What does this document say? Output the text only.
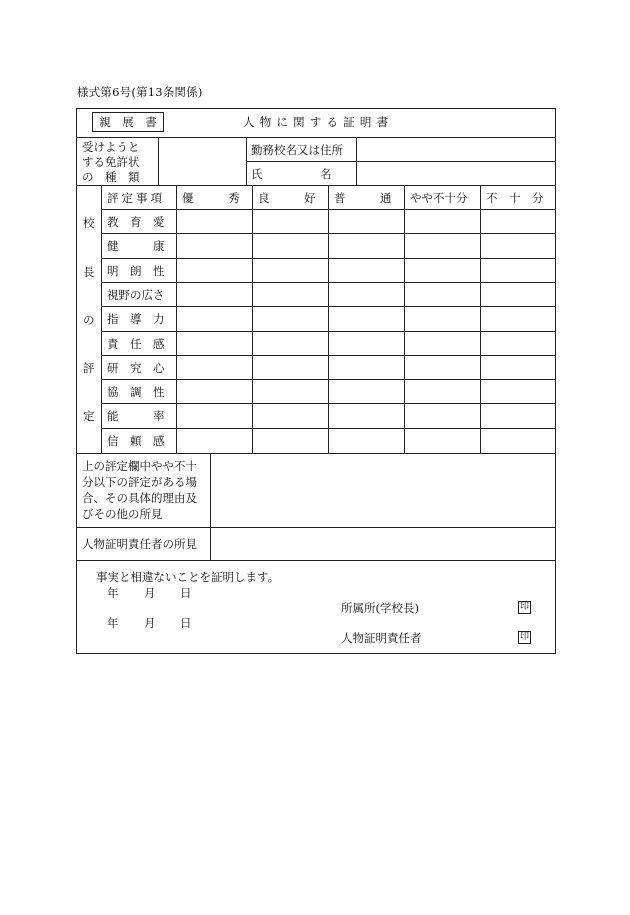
様式第6号(第13条関係)
親　展　書	人物に関する証明書
受けようと
する免許状
の　種　類
勤務校名又は住所
氏　　　　　名
校
長
の
評
定
評定事項 優　　　秀	良　　　好	普　　　通	やや不十分	不　十　分
教　育　愛
健　　　康
明　朗　性
視野の広さ
指　導　力
責　任　感
研　究　心
協　調　性
能　　　率
信　頼　感
上の評定欄中やや不十
分以下の評定がある場
合、その具体的理由及
びその他の所見
人物証明責任者の所見
事実と相違ないことを証明します。
年 月 日
所属所(学校長)	印
年 月 日
人物証明責任者	印
